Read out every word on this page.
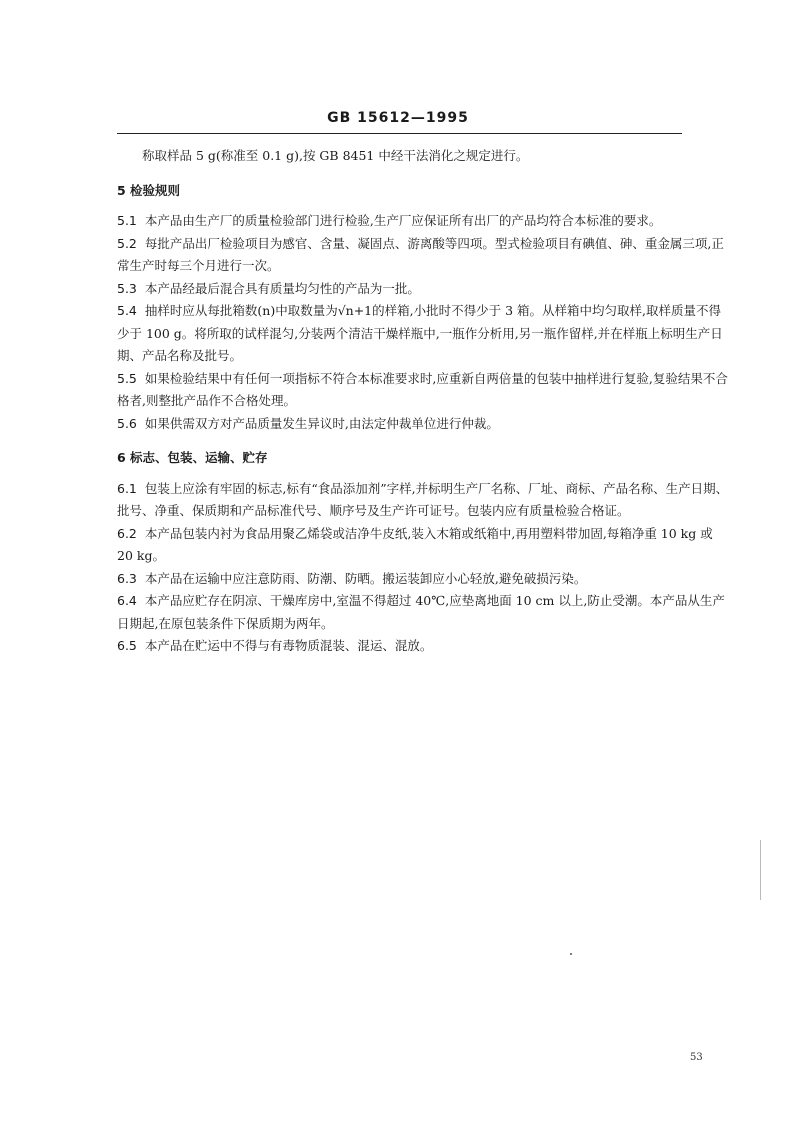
GB 15612—1995

称取样品 5 g(称准至 0.1 g),按 GB 8451 中经干法消化之规定进行。

5 检验规则

5.1 本产品由生产厂的质量检验部门进行检验,生产厂应保证所有出厂的产品均符合本标准的要求。

5.2 每批产品出厂检验项目为感官、含量、凝固点、游离酸等四项。型式检验项目有碘值、砷、重金属三项,正常生产时每三个月进行一次。

5.3 本产品经最后混合具有质量均匀性的产品为一批。

5.4 抽样时应从每批箱数(n)中取数量为√n+1的样箱,小批时不得少于 3 箱。从样箱中均匀取样,取样质量不得少于 100 g。将所取的试样混匀,分装两个清洁干燥样瓶中,一瓶作分析用,另一瓶作留样,并在样瓶上标明生产日期、产品名称及批号。

5.5 如果检验结果中有任何一项指标不符合本标准要求时,应重新自两倍量的包装中抽样进行复验,复验结果不合格者,则整批产品作不合格处理。

5.6 如果供需双方对产品质量发生异议时,由法定仲裁单位进行仲裁。

6 标志、包装、运输、贮存

6.1 包装上应涂有牢固的标志,标有“食品添加剂”字样,并标明生产厂名称、厂址、商标、产品名称、生产日期、批号、净重、保质期和产品标准代号、顺序号及生产许可证号。包装内应有质量检验合格证。

6.2 本产品包装内衬为食品用聚乙烯袋或洁净牛皮纸,装入木箱或纸箱中,再用塑料带加固,每箱净重 10 kg 或 20 kg。

6.3 本产品在运输中应注意防雨、防潮、防晒。搬运装卸应小心轻放,避免破损污染。

6.4 本产品应贮存在阴凉、干燥库房中,室温不得超过 40℃,应垫离地面 10 cm 以上,防止受潮。本产品从生产日期起,在原包装条件下保质期为两年。

6.5 本产品在贮运中不得与有毒物质混装、混运、混放。

53
